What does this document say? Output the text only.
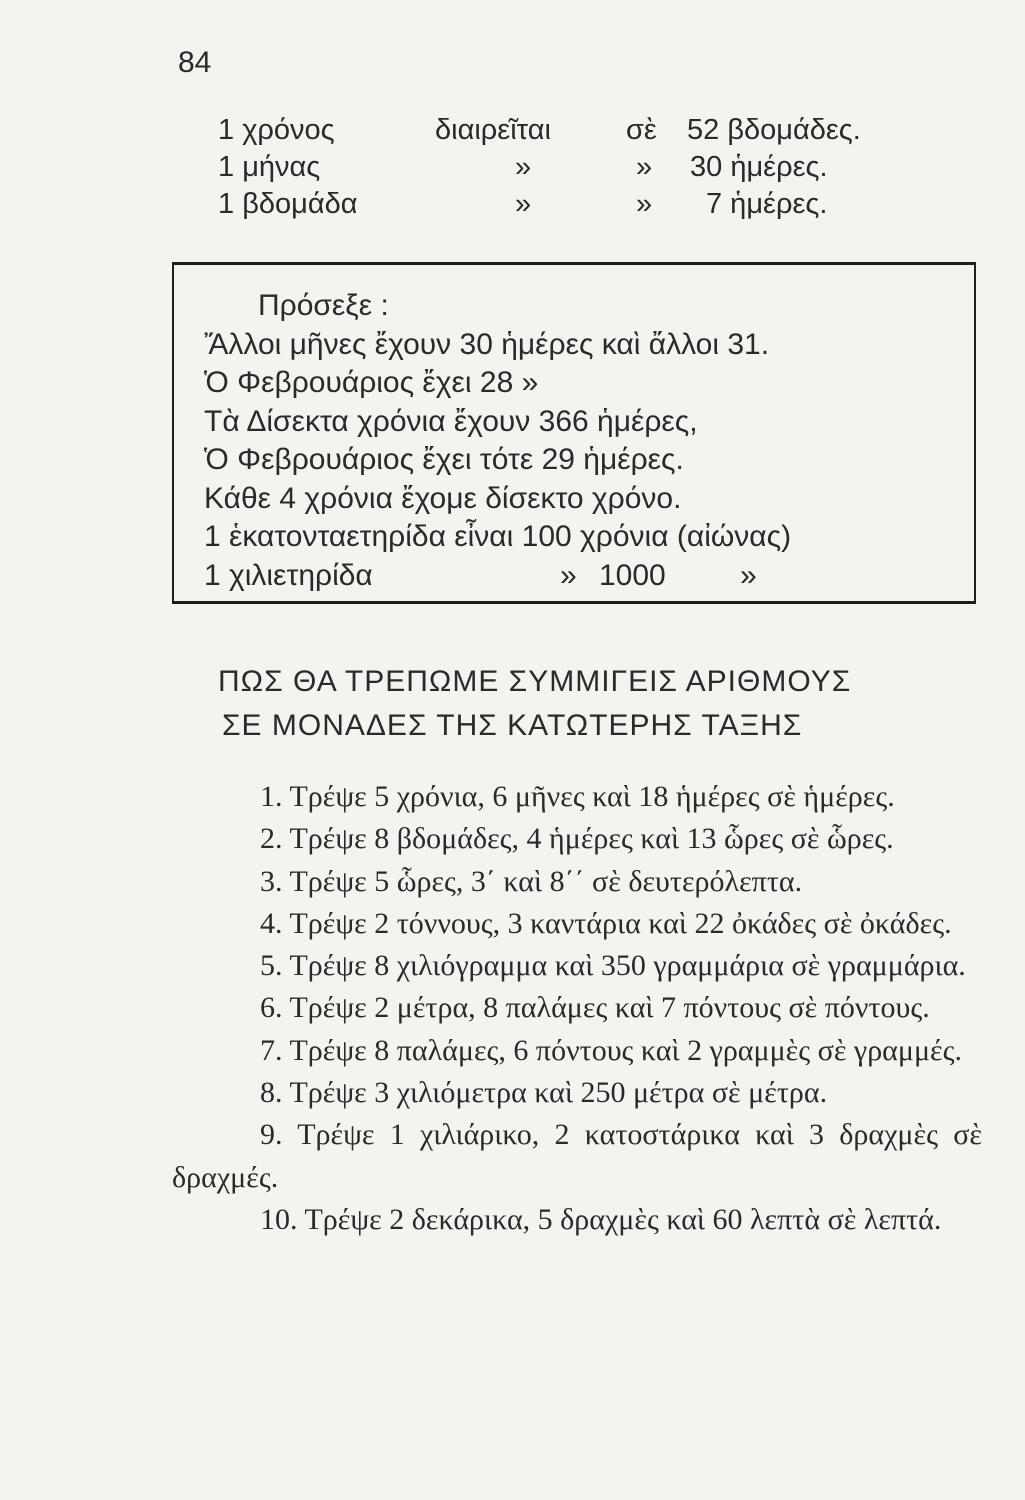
84
1 χρόνος	διαιρεῖται	σὲ 52 βδομάδες.
1 μήνας	»	» 30 ἡμέρες.
1 βδομάδα	»	» 7 ἡμέρες.
Πρόσεξε :
Ἄλλοι μῆνες ἔχουν 30 ἡμέρες καὶ ἄλλοι 31.
Ὁ Φεβρουάριος ἔχει 28 »
Τὰ Δίσεκτα χρόνια ἔχουν 366 ἡμέρες,
Ὁ Φεβρουάριος ἔχει τότε 29 ἡμέρες.
Κάθε 4 χρόνια ἔχομε δίσεκτο χρόνο.
1 ἑκατονταετηρίδα εἶναι 100 χρόνια (αἰώνας)
1 χιλιετηρίδα	» 1000 »
ΠΩΣ ΘΑ ΤΡΕΠΩΜΕ ΣΥΜΜΙΓΕΙΣ ΑΡΙΘΜΟΥΣ
ΣΕ ΜΟΝΑΔΕΣ ΤΗΣ ΚΑΤΩΤΕΡΗΣ ΤΑΞΗΣ
1. Τρέψε 5 χρόνια, 6 μῆνες καὶ 18 ἡμέρες σὲ ἡμέρες.
2. Τρέψε 8 βδομάδες, 4 ἡμέρες καὶ 13 ὧρες σὲ ὧρες.
3. Τρέψε 5 ὧρες, 3΄ καὶ 8΄΄ σὲ δευτερόλεπτα.
4. Τρέψε 2 τόννους, 3 καντάρια καὶ 22 ὀκάδες σὲ ὀκάδες.
5. Τρέψε 8 χιλιόγραμμα καὶ 350 γραμμάρια σὲ γραμμάρια.
6. Τρέψε 2 μέτρα, 8 παλάμες καὶ 7 πόντους σὲ πόντους.
7. Τρέψε 8 παλάμες, 6 πόντους καὶ 2 γραμμὲς σὲ γραμμές.
8. Τρέψε 3 χιλιόμετρα καὶ 250 μέτρα σὲ μέτρα.
9. Τρέψε 1 χιλιάρικο, 2 κατοστάρικα καὶ 3 δραχμὲς σὲ δραχμές.
10. Τρέψε 2 δεκάρικα, 5 δραχμὲς καὶ 60 λεπτὰ σὲ λεπτά.
